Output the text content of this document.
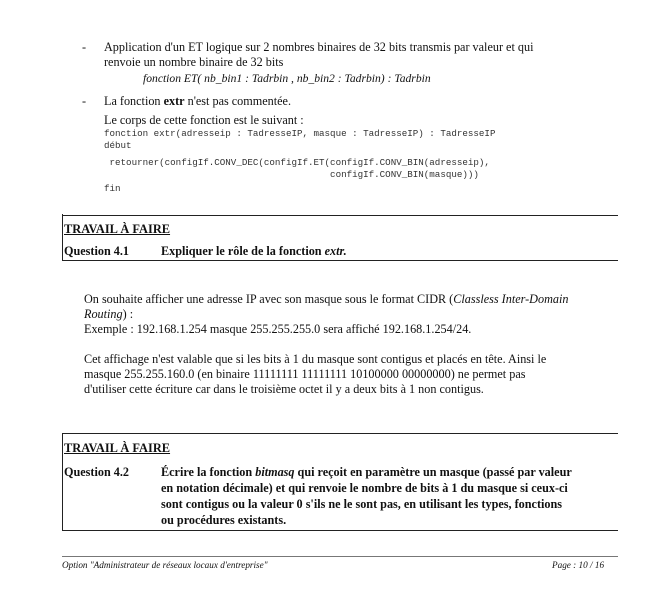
- Application d'un ET logique sur 2 nombres binaires de 32 bits transmis par valeur et qui
renvoie un nombre binaire de 32 bits
fonction ET( nb_bin1 : Tadrbin , nb_bin2 : Tadrbin) : Tadrbin
- La fonction extr n'est pas commentée.
Le corps de cette fonction est le suivant :
fonction extr(adresseip : TadresseIP, masque : TadresseIP) : TadresseIP
début
retourner(configIf.CONV_DEC(configIf.ET(configIf.CONV_BIN(adresseip),
configIf.CONV_BIN(masque)))
fin
TRAVAIL À FAIRE
Question 4.1	Expliquer le rôle de la fonction extr.
On souhaite afficher une adresse IP avec son masque sous le format CIDR (Classless Inter-Domain
Routing) :
Exemple : 192.168.1.254 masque 255.255.255.0 sera affiché 192.168.1.254/24.
Cet affichage n'est valable que si les bits à 1 du masque sont contigus et placés en tête. Ainsi le
masque 255.255.160.0 (en binaire 11111111 11111111 10100000 00000000) ne permet pas
d'utiliser cette écriture car dans le troisième octet il y a deux bits à 1 non contigus.
TRAVAIL À FAIRE
Question 4.2	Écrire la fonction bitmasq qui reçoit en paramètre un masque (passé par valeur
en notation décimale) et qui renvoie le nombre de bits à 1 du masque si ceux-ci
sont contigus ou la valeur 0 s'ils ne le sont pas, en utilisant les types, fonctions
ou procédures existants.
Option "Administrateur de réseaux locaux d'entreprise"	Page : 10 / 16
